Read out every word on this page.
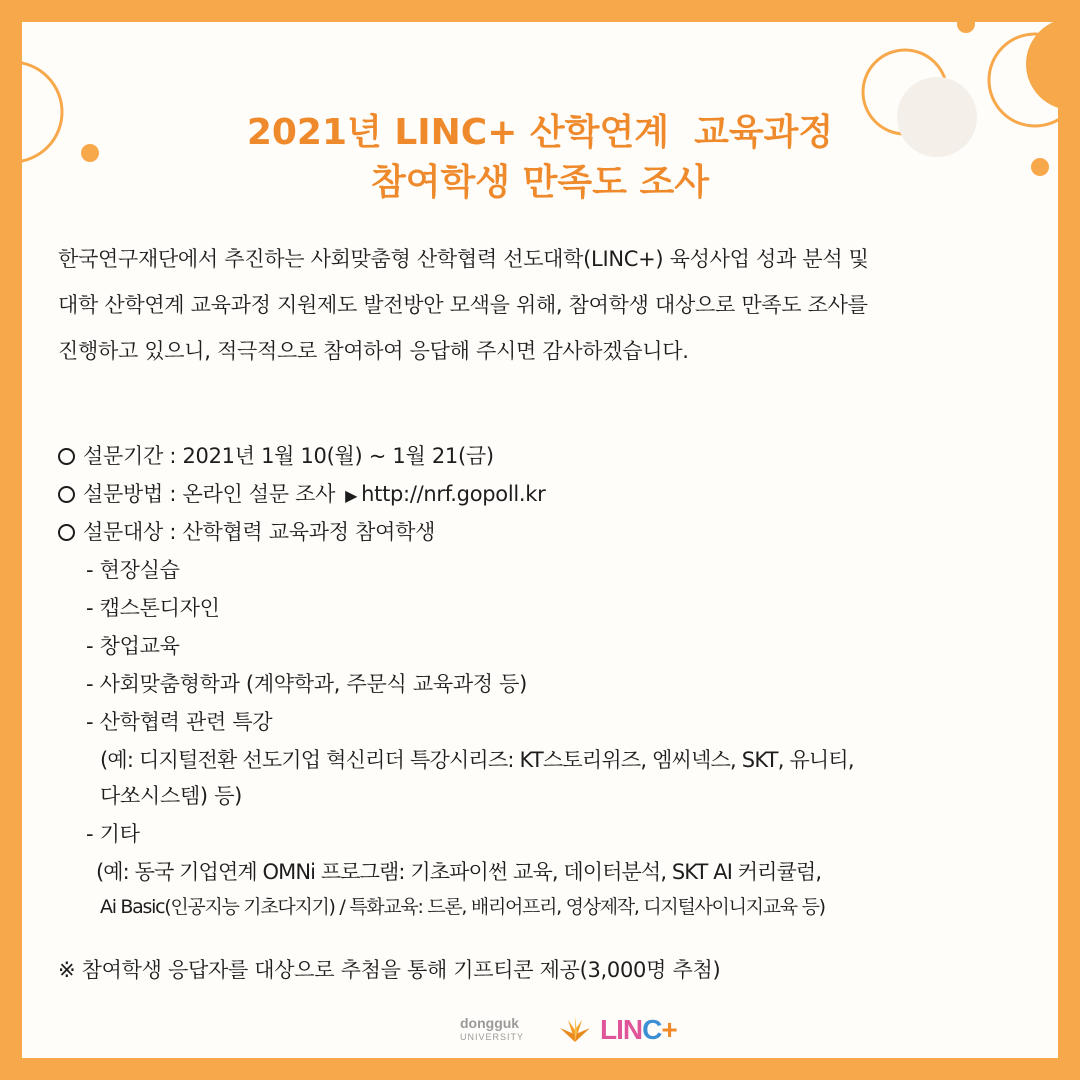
2021년 LINC+ 산학연계  교육과정
참여학생 만족도 조사
한국연구재단에서 추진하는 사회맞춤형 산학협력 선도대학(LINC+) 육성사업 성과 분석 및
대학 산학연계 교육과정 지원제도 발전방안 모색을 위해, 참여학생 대상으로 만족도 조사를
진행하고 있으니, 적극적으로 참여하여 응답해 주시면 감사하겠습니다.
설문기간 : 2021년 1월 10(월) ~ 1월 21(금)
설문방법 : 온라인 설문 조사 ▶ http://nrf.gopoll.kr
설문대상 : 산학협력 교육과정 참여학생
- 현장실습
- 캡스톤디자인
- 창업교육
- 사회맞춤형학과 (계약학과, 주문식 교육과정 등)
- 산학협력 관련 특강
(예: 디지털전환 선도기업 혁신리더 특강시리즈: KT스토리위즈, 엠씨넥스, SKT, 유니티,
다쏘시스템) 등)
- 기타
(예: 동국 기업연계 OMNi 프로그램: 기초파이썬 교육, 데이터분석, SKT AI 커리큘럼,
Ai Basic(인공지능 기초다지기) / 특화교육: 드론, 배리어프리, 영상제작, 디지털사이니지교육 등)
※ 참여학생 응답자를 대상으로 추첨을 통해 기프티콘 제공(3,000명 추첨)
dongguk
UNIVERSITY	LINC+
